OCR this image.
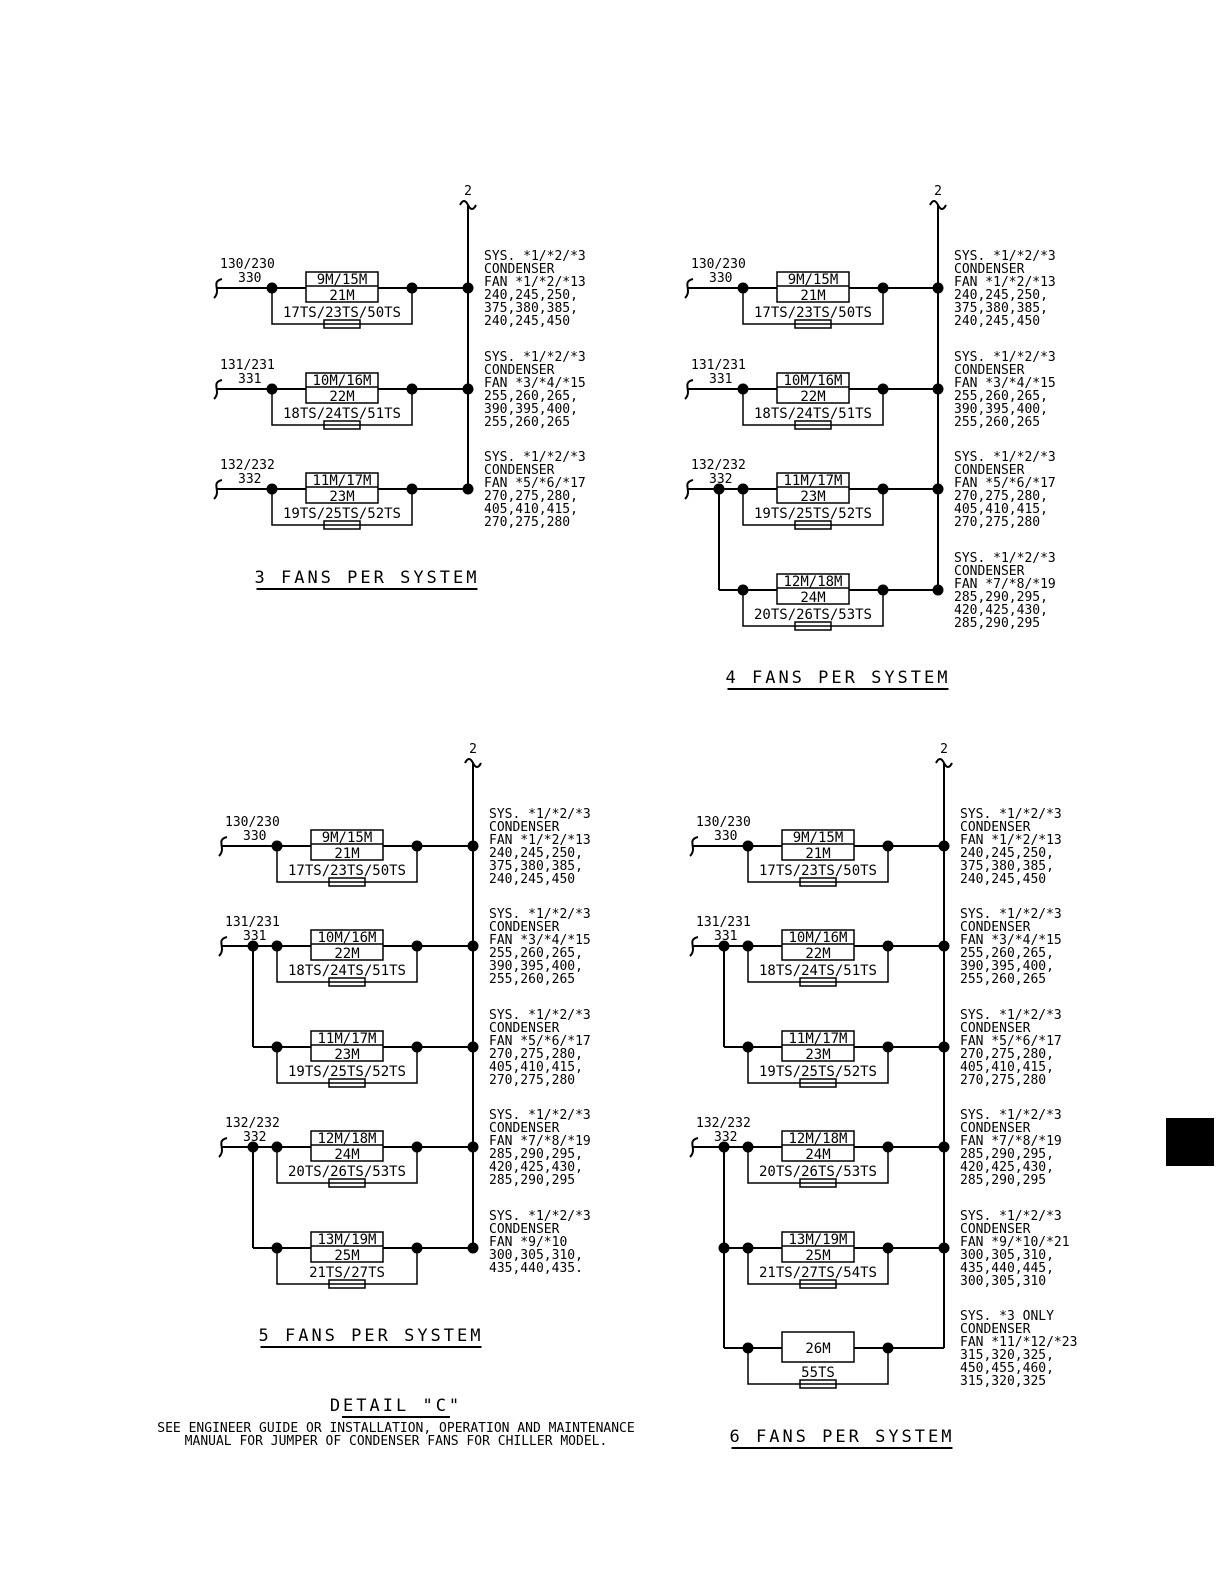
2
130/230
330	9M/15M
21M
17TS/23TS/50TS
SYS. *1/*2/*3
CONDENSER
FAN *1/*2/*13
240,245,250,
375,380,385,
240,245,450
131/231
331	10M/16M
22M
18TS/24TS/51TS
SYS. *1/*2/*3
CONDENSER
FAN *3/*4/*15
255,260,265,
390,395,400,
255,260,265
132/232
332	11M/17M
23M
19TS/25TS/52TS
SYS. *1/*2/*3
CONDENSER
FAN *5/*6/*17
270,275,280,
405,410,415,
270,275,280
3 FANS PER SYSTEM
2
130/230
330	9M/15M
21M
17TS/23TS/50TS
SYS. *1/*2/*3
CONDENSER
FAN *1/*2/*13
240,245,250,
375,380,385,
240,245,450
131/231
331	10M/16M
22M
18TS/24TS/51TS
SYS. *1/*2/*3
CONDENSER
FAN *3/*4/*15
255,260,265,
390,395,400,
255,260,265
132/232
332	11M/17M
23M
19TS/25TS/52TS
SYS. *1/*2/*3
CONDENSER
FAN *5/*6/*17
270,275,280,
405,410,415,
270,275,280
12M/18M
24M
20TS/26TS/53TS
SYS. *1/*2/*3
CONDENSER
FAN *7/*8/*19
285,290,295,
420,425,430,
285,290,295
4 FANS PER SYSTEM
2
130/230
330	9M/15M
21M
17TS/23TS/50TS
SYS. *1/*2/*3
CONDENSER
FAN *1/*2/*13
240,245,250,
375,380,385,
240,245,450
131/231
331	10M/16M
22M
18TS/24TS/51TS
SYS. *1/*2/*3
CONDENSER
FAN *3/*4/*15
255,260,265,
390,395,400,
255,260,265
11M/17M
23M
19TS/25TS/52TS
SYS. *1/*2/*3
CONDENSER
FAN *5/*6/*17
270,275,280,
405,410,415,
270,275,280
132/232
332	12M/18M
24M
20TS/26TS/53TS
SYS. *1/*2/*3
CONDENSER
FAN *7/*8/*19
285,290,295,
420,425,430,
285,290,295
13M/19M
25M
21TS/27TS
SYS. *1/*2/*3
CONDENSER
FAN *9/*10
300,305,310,
435,440,435.
5 FANS PER SYSTEM
2
130/230
330	9M/15M
21M
17TS/23TS/50TS
SYS. *1/*2/*3
CONDENSER
FAN *1/*2/*13
240,245,250,
375,380,385,
240,245,450
131/231
331	10M/16M
22M
18TS/24TS/51TS
SYS. *1/*2/*3
CONDENSER
FAN *3/*4/*15
255,260,265,
390,395,400,
255,260,265
11M/17M
23M
19TS/25TS/52TS
SYS. *1/*2/*3
CONDENSER
FAN *5/*6/*17
270,275,280,
405,410,415,
270,275,280
132/232
332	12M/18M
24M
20TS/26TS/53TS
SYS. *1/*2/*3
CONDENSER
FAN *7/*8/*19
285,290,295,
420,425,430,
285,290,295
13M/19M
25M
21TS/27TS/54TS
SYS. *1/*2/*3
CONDENSER
FAN *9/*10/*21
300,305,310,
435,440,445,
300,305,310
26M
55TS
SYS. *3 ONLY
CONDENSER
FAN *11/*12/*23
315,320,325,
450,455,460,
315,320,325
6 FANS PER SYSTEM
DETAIL "C"
SEE ENGINEER GUIDE OR INSTALLATION, OPERATION AND MAINTENANCE
MANUAL FOR JUMPER OF CONDENSER FANS FOR CHILLER MODEL.
